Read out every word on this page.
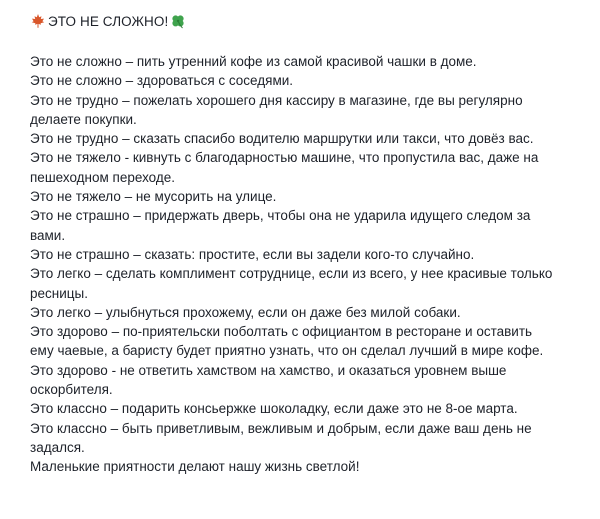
ЭТО НЕ СЛОЖНО!
Это не сложно – пить утренний кофе из самой красивой чашки в доме.
Это не сложно – здороваться с соседями.
Это не трудно – пожелать хорошего дня кассиру в магазине, где вы регулярно
делаете покупки.
Это не трудно – сказать спасибо водителю маршрутки или такси, что довёз вас.
Это не тяжело - кивнуть с благодарностью машине, что пропустила вас, даже на
пешеходном переходе.
Это не тяжело – не мусорить на улице.
Это не страшно – придержать дверь, чтобы она не ударила идущего следом за
вами.
Это не страшно – сказать: простите, если вы задели кого-то случайно.
Это легко – сделать комплимент сотруднице, если из всего, у нее красивые только
ресницы.
Это легко – улыбнуться прохожему, если он даже без милой собаки.
Это здорово – по-приятельски поболтать с официантом в ресторане и оставить
ему чаевые, а баристу будет приятно узнать, что он сделал лучший в мире кофе.
Это здорово - не ответить хамством на хамство, и оказаться уровнем выше
оскорбителя.
Это классно – подарить консьержке шоколадку, если даже это не 8-ое марта.
Это классно – быть приветливым, вежливым и добрым, если даже ваш день не
задался.
Маленькие приятности делают нашу жизнь светлой!
